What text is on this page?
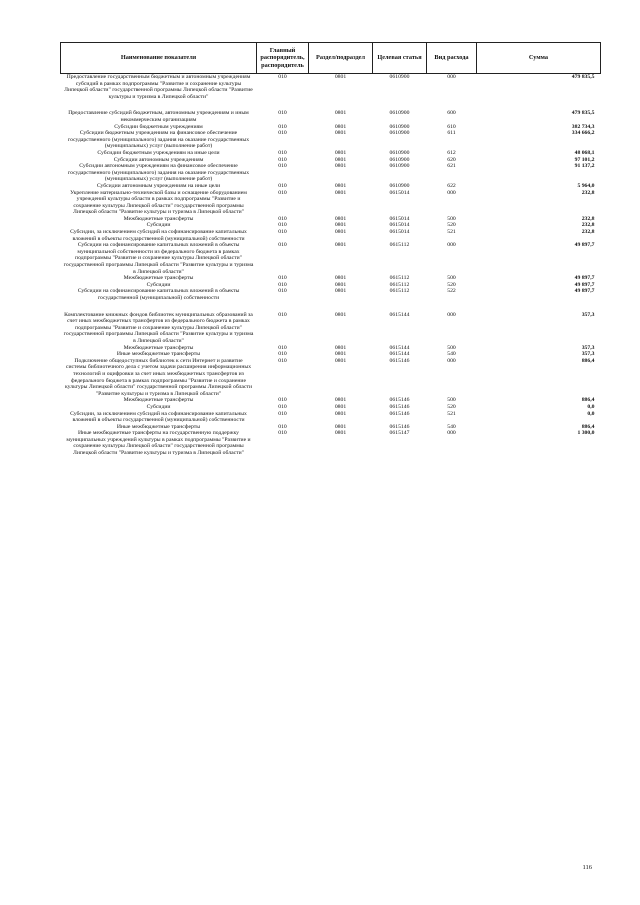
Наименование показателя	Главный распорядитель, распорядитель	Раздел/подраздел	Целевая статья	Вид расхода	Сумма
Предоставление государственным бюджетным и автономным учреждениям субсидий в рамках подпрограммы "Развитие и сохранение культуры Липецкой области" государственной программы Липецкой области "Развитие культуры и туризма в Липецкой области"	010	0801	0610900	000	479 835,5
Предоставление субсидий бюджетным, автономным учреждениям и иным некоммерческим организациям	010	0801	0610900	600	479 835,5
Субсидии бюджетным учреждениям	010	0801	0610900	610	382 734,3
Субсидии бюджетным учреждениям на финансовое обеспечение государственного (муниципального) задания на оказание государственных (муниципальных) услуг (выполнение работ)	010	0801	0610900	611	334 666,2
Субсидии бюджетным учреждениям на иные цели	010	0801	0610900	612	48 068,1
Субсидии автономным учреждениям	010	0801	0610900	620	97 101,2
Субсидии автономным учреждениям на финансовое обеспечение государственного (муниципального) задания на оказание государственных (муниципальных) услуг (выполнение работ)	010	0801	0610900	621	91 137,2
Субсидии автономным учреждениям на иные цели	010	0801	0610900	622	5 964,0
Укрепление материально-технической базы и оснащение оборудованием учреждений культуры области в рамках подпрограммы "Развитие и сохранение культуры Липецкой области" государственной программы Липецкой области "Развитие культуры и туризма в Липецкой области"	010	0801	0615014	000	232,8
Межбюджетные трансферты	010	0801	0615014	500	232,8
Субсидии	010	0801	0615014	520	232,8
Субсидии, за исключением субсидий на софинансирование капитальных вложений в объекты государственной (муниципальной) собственности	010	0801	0615014	521	232,8
Субсидии на софинансирование капитальных вложений в объекты муниципальной собственности из федерального бюджета в рамках подпрограммы "Развитие и сохранение культуры Липецкой области" государственной программы Липецкой области "Развитие культуры и туризма в Липецкой области"	010	0801	0615112	000	49 897,7
Межбюджетные трансферты	010	0801	0615112	500	49 897,7
Субсидии	010	0801	0615112	520	49 897,7
Субсидии на софинансирование капитальных вложений в объекты государственной (муниципальной) собственности	010	0801	0615112	522	49 897,7
Комплектование книжных фондов библиотек муниципальных образований за счет иных межбюджетных трансфертов из федерального бюджета в рамках подпрограммы "Развитие и сохранение культуры Липецкой области" государственной программы Липецкой области "Развитие культуры и туризма в Липецкой области"	010	0801	0615144	000	357,3
Межбюджетные трансферты	010	0801	0615144	500	357,3
Иные межбюджетные трансферты	010	0801	0615144	540	357,3
Подключение общедоступных библиотек к сети Интернет и развитие системы библиотечного дела с учетом задачи расширения информационных технологий и оцифровки за счет иных межбюджетных трансфертов из федерального бюджета в рамках подпрограммы "Развитие и сохранение культуры Липецкой области" государственной программы Липецкой области "Развитие культуры и туризма в Липецкой области"	010	0801	0615146	000	886,4
Межбюджетные трансферты	010	0801	0615146	500	886,4
Субсидии	010	0801	0615146	520	0,0
Субсидии, за исключением субсидий на софинансирование капитальных вложений в объекты государственной (муниципальной) собственности	010	0801	0615146	521	0,0
Иные межбюджетные трансферты	010	0801	0615146	540	886,4
Иные межбюджетные трансферты на государственную поддержку муниципальных учреждений культуры в рамках подпрограммы "Развитие и сохранение культуры Липецкой области" государственной программы Липецкой области "Развитие культуры и туризма в Липецкой области"	010	0801	0615147	000	1 300,0
116
